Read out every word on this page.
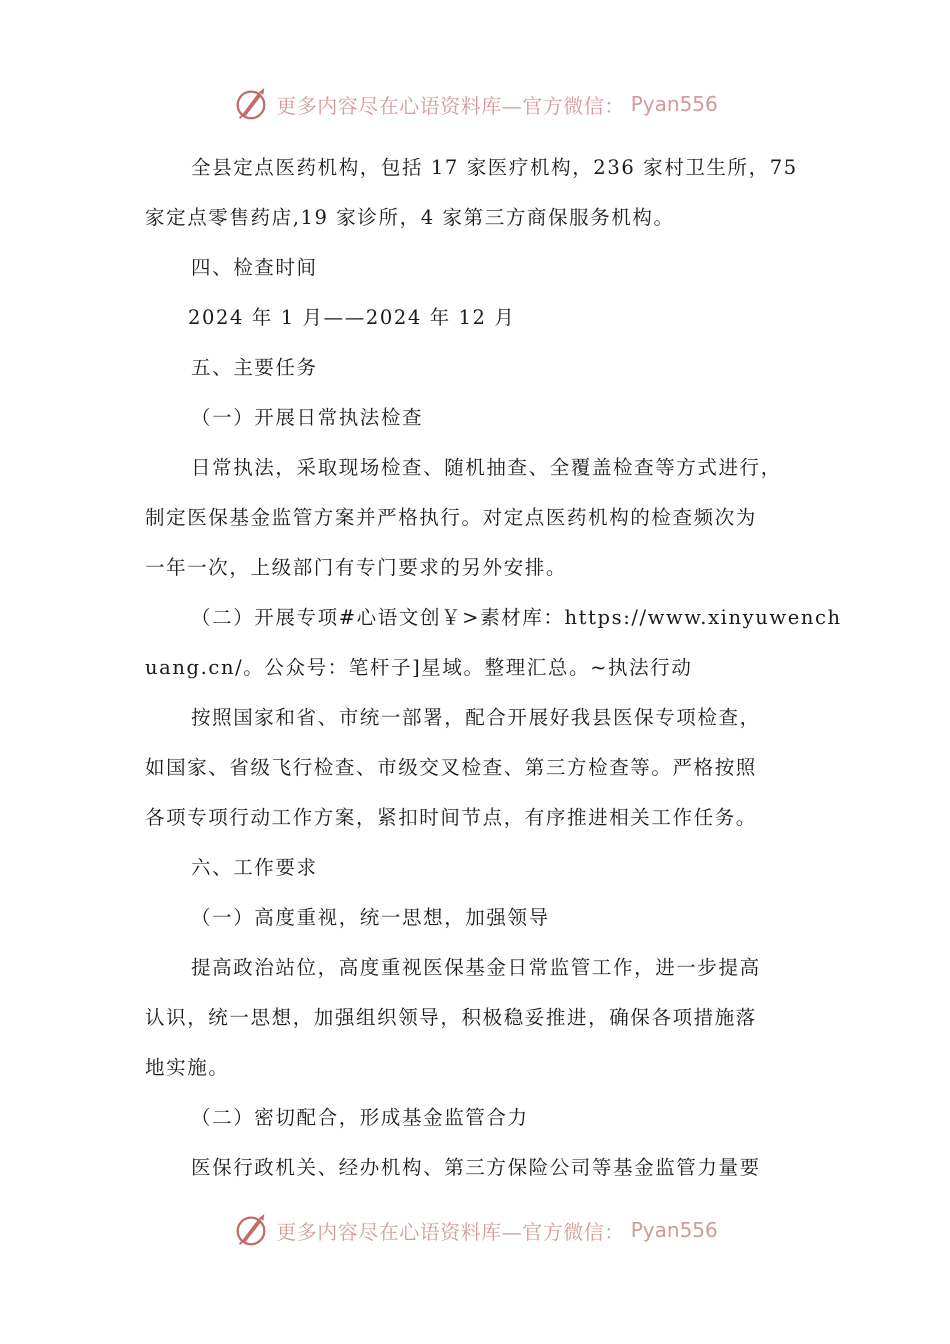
更多内容尽在心语资料库—官方微信： Pyan556
全县定点医药机构，包括 17 家医疗机构，236 家村卫生所，75
家定点零售药店,19 家诊所，4 家第三方商保服务机构。
四、检查时间
2024 年 1 月——2024 年 12 月
五、主要任务
（一）开展日常执法检查
日常执法，采取现场检查、随机抽查、全覆盖检查等方式进行，
制定医保基金监管方案并严格执行。对定点医药机构的检查频次为
一年一次，上级部门有专门要求的另外安排。
（二）开展专项#心语文创￥>素材库：https://www.xinyuwench
uang.cn/。公众号：笔杆子]星域。整理汇总。~执法行动
按照国家和省、市统一部署，配合开展好我县医保专项检查，
如国家、省级飞行检查、市级交叉检查、第三方检查等。严格按照
各项专项行动工作方案，紧扣时间节点，有序推进相关工作任务。
六、工作要求
（一）高度重视，统一思想，加强领导
提高政治站位，高度重视医保基金日常监管工作，进一步提高
认识，统一思想，加强组织领导，积极稳妥推进，确保各项措施落
地实施。
（二）密切配合，形成基金监管合力
医保行政机关、经办机构、第三方保险公司等基金监管力量要
更多内容尽在心语资料库—官方微信： Pyan556
